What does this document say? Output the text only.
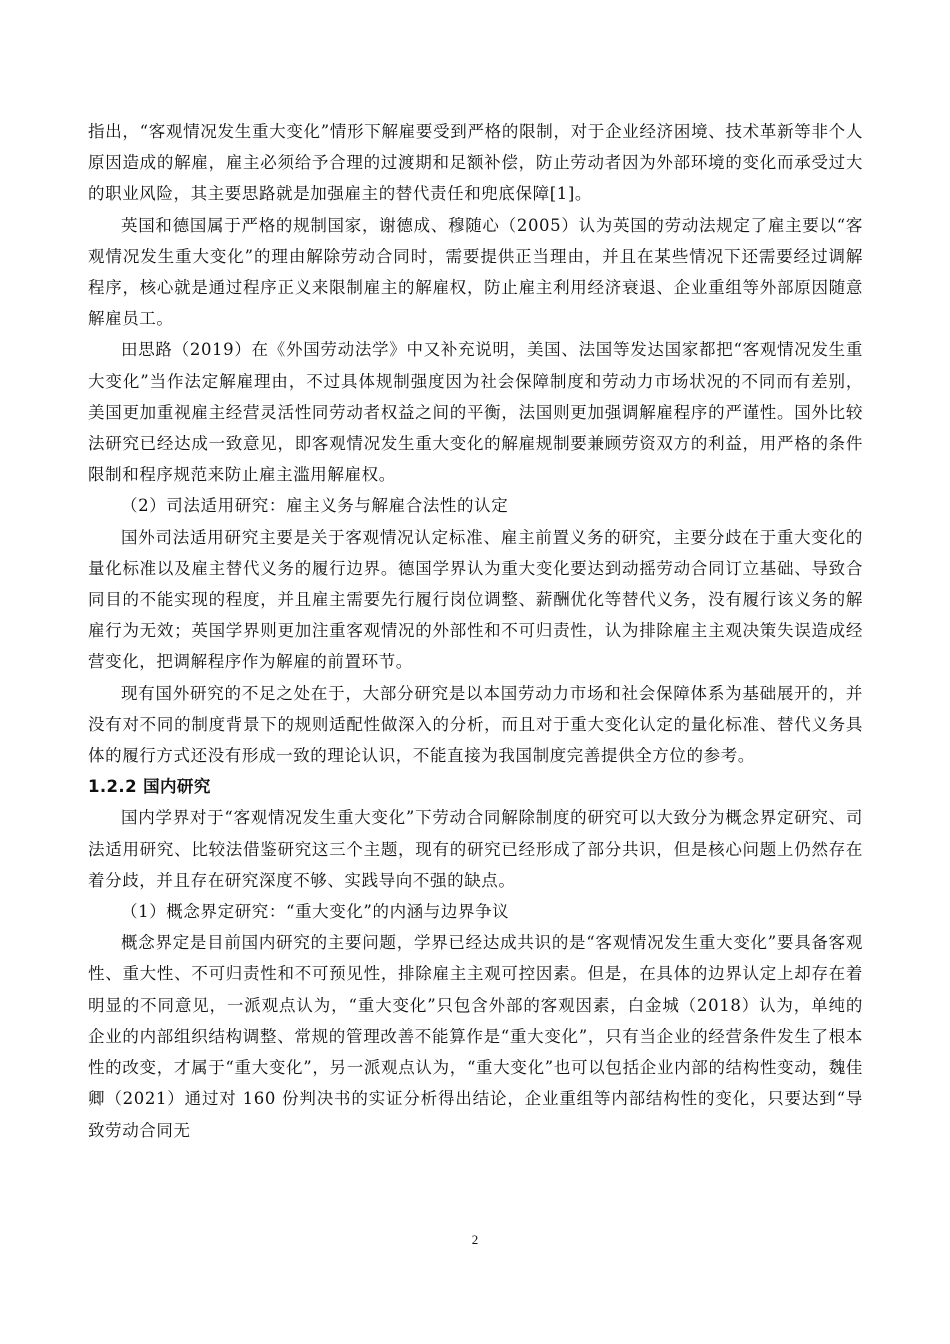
指出，“客观情况发生重大变化”情形下解雇要受到严格的限制，对于企业经济困境、技术革新等非个人原因造成的解雇，雇主必须给予合理的过渡期和足额补偿，防止劳动者因为外部环境的变化而承受过大的职业风险，其主要思路就是加强雇主的替代责任和兜底保障[1]。

英国和德国属于严格的规制国家，谢德成、穆随心（2005）认为英国的劳动法规定了雇主要以“客观情况发生重大变化”的理由解除劳动合同时，需要提供正当理由，并且在某些情况下还需要经过调解程序，核心就是通过程序正义来限制雇主的解雇权，防止雇主利用经济衰退、企业重组等外部原因随意解雇员工。

田思路（2019）在《外国劳动法学》中又补充说明，美国、法国等发达国家都把“客观情况发生重大变化”当作法定解雇理由，不过具体规制强度因为社会保障制度和劳动力市场状况的不同而有差别，美国更加重视雇主经营灵活性同劳动者权益之间的平衡，法国则更加强调解雇程序的严谨性。国外比较法研究已经达成一致意见，即客观情况发生重大变化的解雇规制要兼顾劳资双方的利益，用严格的条件限制和程序规范来防止雇主滥用解雇权。

（2）司法适用研究：雇主义务与解雇合法性的认定

国外司法适用研究主要是关于客观情况认定标准、雇主前置义务的研究，主要分歧在于重大变化的量化标准以及雇主替代义务的履行边界。德国学界认为重大变化要达到动摇劳动合同订立基础、导致合同目的不能实现的程度，并且雇主需要先行履行岗位调整、薪酬优化等替代义务，没有履行该义务的解雇行为无效；英国学界则更加注重客观情况的外部性和不可归责性，认为排除雇主主观决策失误造成经营变化，把调解程序作为解雇的前置环节。

现有国外研究的不足之处在于，大部分研究是以本国劳动力市场和社会保障体系为基础展开的，并没有对不同的制度背景下的规则适配性做深入的分析，而且对于重大变化认定的量化标准、替代义务具体的履行方式还没有形成一致的理论认识，不能直接为我国制度完善提供全方位的参考。

1.2.2 国内研究

国内学界对于“客观情况发生重大变化”下劳动合同解除制度的研究可以大致分为概念界定研究、司法适用研究、比较法借鉴研究这三个主题，现有的研究已经形成了部分共识，但是核心问题上仍然存在着分歧，并且存在研究深度不够、实践导向不强的缺点。

（1）概念界定研究：“重大变化”的内涵与边界争议

概念界定是目前国内研究的主要问题，学界已经达成共识的是“客观情况发生重大变化”要具备客观性、重大性、不可归责性和不可预见性，排除雇主主观可控因素。但是，在具体的边界认定上却存在着明显的不同意见，一派观点认为，“重大变化”只包含外部的客观因素，白金城（2018）认为，单纯的企业的内部组织结构调整、常规的管理改善不能算作是“重大变化”，只有当企业的经营条件发生了根本性的改变，才属于“重大变化”，另一派观点认为，“重大变化”也可以包括企业内部的结构性变动，魏佳卿（2021）通过对 160 份判决书的实证分析得出结论，企业重组等内部结构性的变化，只要达到“导致劳动合同无

2
